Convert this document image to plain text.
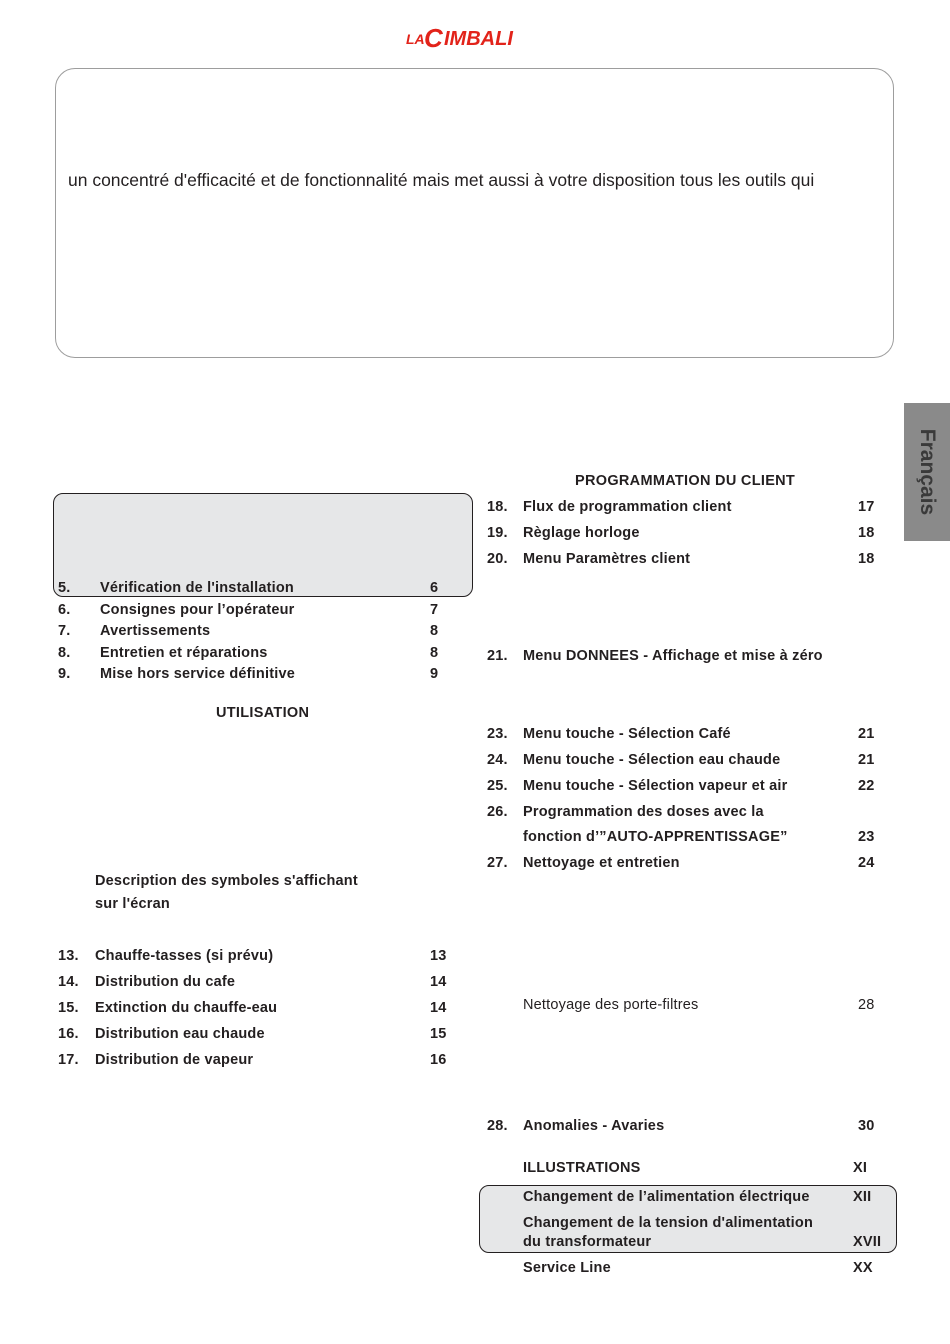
LA C IMBALI
un concentré d'efficacité et de fonctionnalité mais met aussi à votre disposition tous les outils qui
Français
5. Vérification de l'installation	6
6. Consignes pour l’opérateur	7
7. Avertissements	8
8. Entretien et réparations	8
9. Mise hors service définitive	9
UTILISATION
Description des symboles s'affichant
sur l'écran
13. Chauffe-tasses (si prévu)	13
14. Distribution du cafe	14
15. Extinction du chauffe-eau	14
16. Distribution eau chaude	15
17. Distribution de vapeur	16
PROGRAMMATION DU CLIENT
18. Flux de programmation client	17
19. Règlage horloge	18
20. Menu Paramètres client	18
21. Menu DONNEES - Affichage et mise à zéro
23. Menu touche - Sélection Café	21
24. Menu touche - Sélection eau chaude	21
25. Menu touche - Sélection vapeur et air	22
26. Programmation des doses avec la
fonction d’”AUTO-APPRENTISSAGE”	23
27. Nettoyage et entretien	24
Nettoyage des porte-filtres	28
28. Anomalies - Avaries	30
ILLUSTRATIONS	XI
Changement de l’alimentation électrique	XII
Changement de la tension d'alimentation
du transformateur	XVII
Service Line	XX
